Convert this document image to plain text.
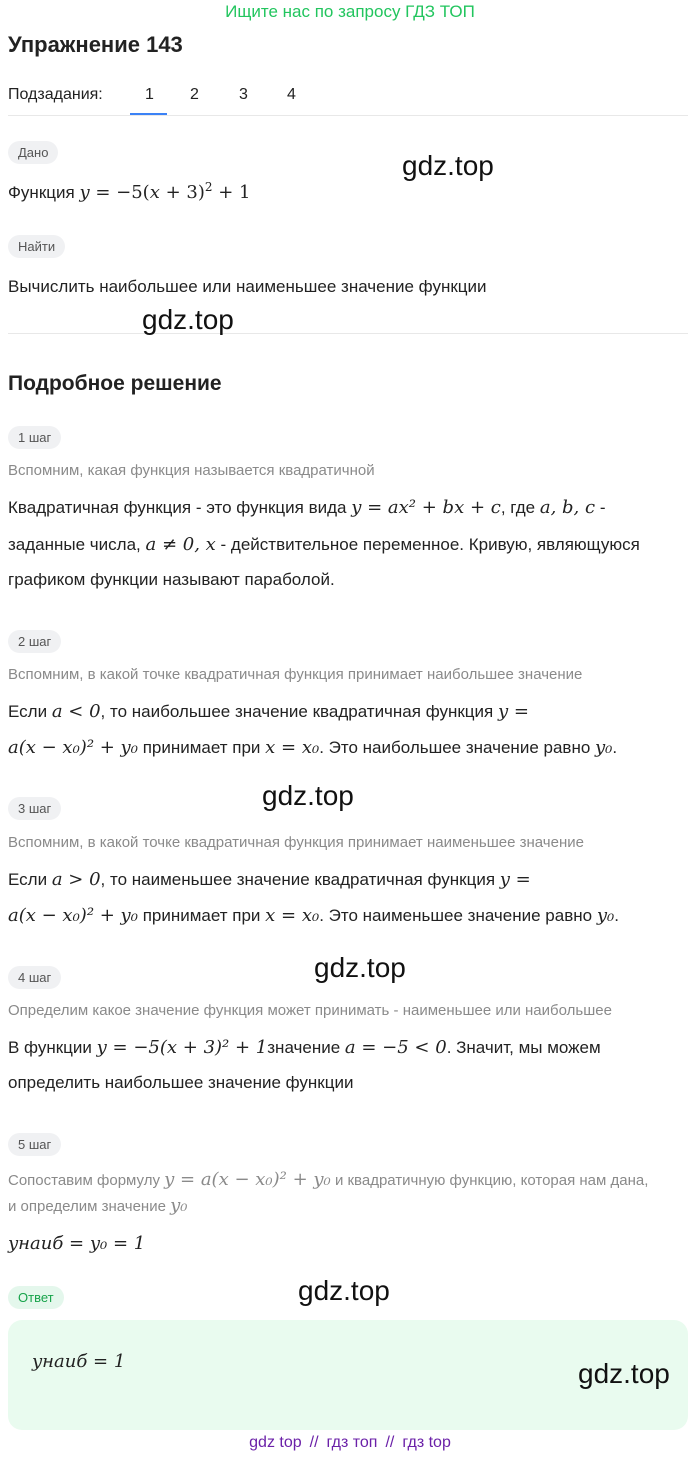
Ищите нас по запросу ГДЗ ТОП
Упражнение 143
Подзадания:	1 2	3 4
Дано
Функция $y = -5(x + 3)^2 + 1$
gdz.top
Найти
Вычислить наибольшее или наименьшее значение функции
gdz.top
Подробное решение
1 шаг
Вспомним, какая функция называется квадратичной
Квадратичная функция - это функция вида y = ax² + bx + c, где a, b, c -
заданные числа, a ≠ 0, x - действительное переменное. Кривую, являющуюся
графиком функции называют параболой.
2 шаг
Вспомним, в какой точке квадратичная функция принимает наибольшее значение
Если a < 0, то наибольшее значение квадратичная функция y =
a(x − x₀)² + y₀ принимает при x = x₀. Это наибольшее значение равно y₀.
gdz.top
3 шаг
Вспомним, в какой точке квадратичная функция принимает наименьшее значение
Если a > 0, то наименьшее значение квадратичная функция y =
a(x − x₀)² + y₀ принимает при x = x₀. Это наименьшее значение равно y₀.
gdz.top
4 шаг
Определим какое значение функция может принимать - наименьшее или наибольшее
В функции y = −5(x + 3)² + 1значение a = −5 < 0. Значит, мы можем
определить наибольшее значение функции
5 шаг
Сопоставим формулу y = a(x − x₀)² + y₀ и квадратичную функцию, которая нам дана,
и определим значение y₀
yнаиб = y₀ = 1
gdz.top
Ответ
yнаиб = 1	gdz.top
gdz top // гдз топ // гдз top
